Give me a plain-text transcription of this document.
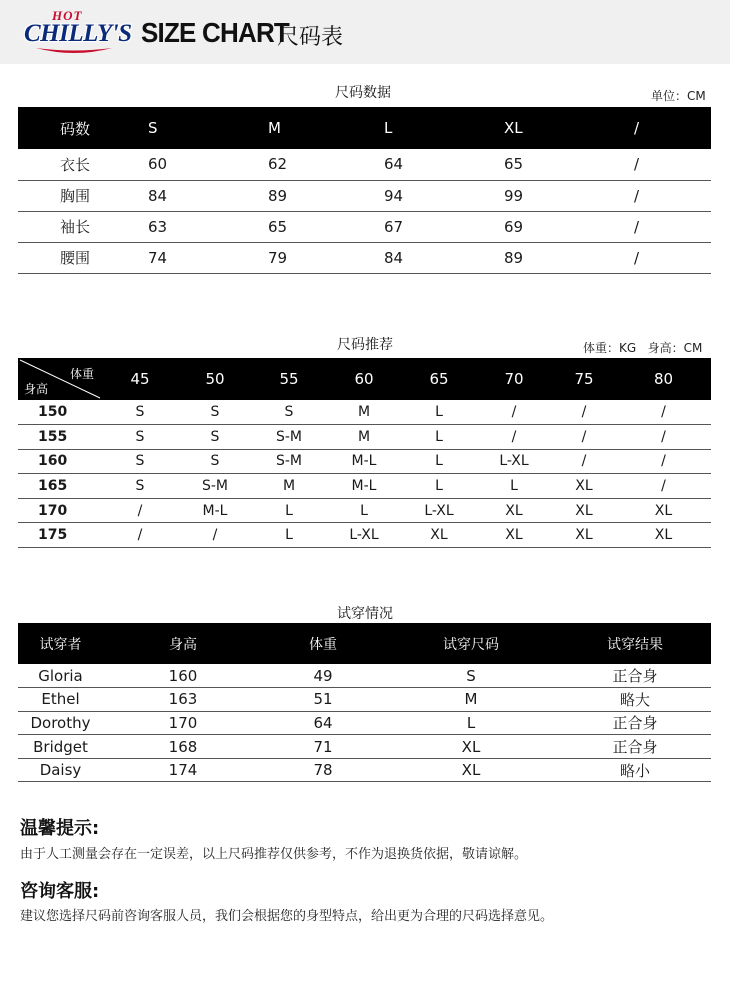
HOT
CHILLY'S SIZE CHART
尺码表
尺码数据	单位：CM
码数	S	M	L	XL	/
衣长	60	62	64	65	/
胸围	84	89	94	99	/
袖长	63	65	67	69	/
腰围	74	79	84	89	/
尺码推荐	体重：KG   身高：CM
体重
身高	45	50	55	60	65	70	75	80
150	S	S	S	M	L	/	/	/
155	S	S	S-M	M	L	/	/	/
160	S	S	S-M	M-L	L	L-XL	/	/
165	S	S-M	M	M-L	L	L	XL	/
170	/	M-L	L	L	L-XL	XL	XL	XL
175	/	/	L	L-XL	XL	XL	XL	XL
试穿情况
试穿者	身高	体重	试穿尺码	试穿结果
Gloria	160	49	S	正合身
Ethel	163	51	M	略大
Dorothy	170	64	L	正合身
Bridget	168	71	XL	正合身
Daisy	174	78	XL	略小
温馨提示:
由于人工测量会存在一定误差，以上尺码推荐仅供参考，不作为退换货依据，敬请谅解。
咨询客服:
建议您选择尺码前咨询客服人员，我们会根据您的身型特点，给出更为合理的尺码选择意见。
